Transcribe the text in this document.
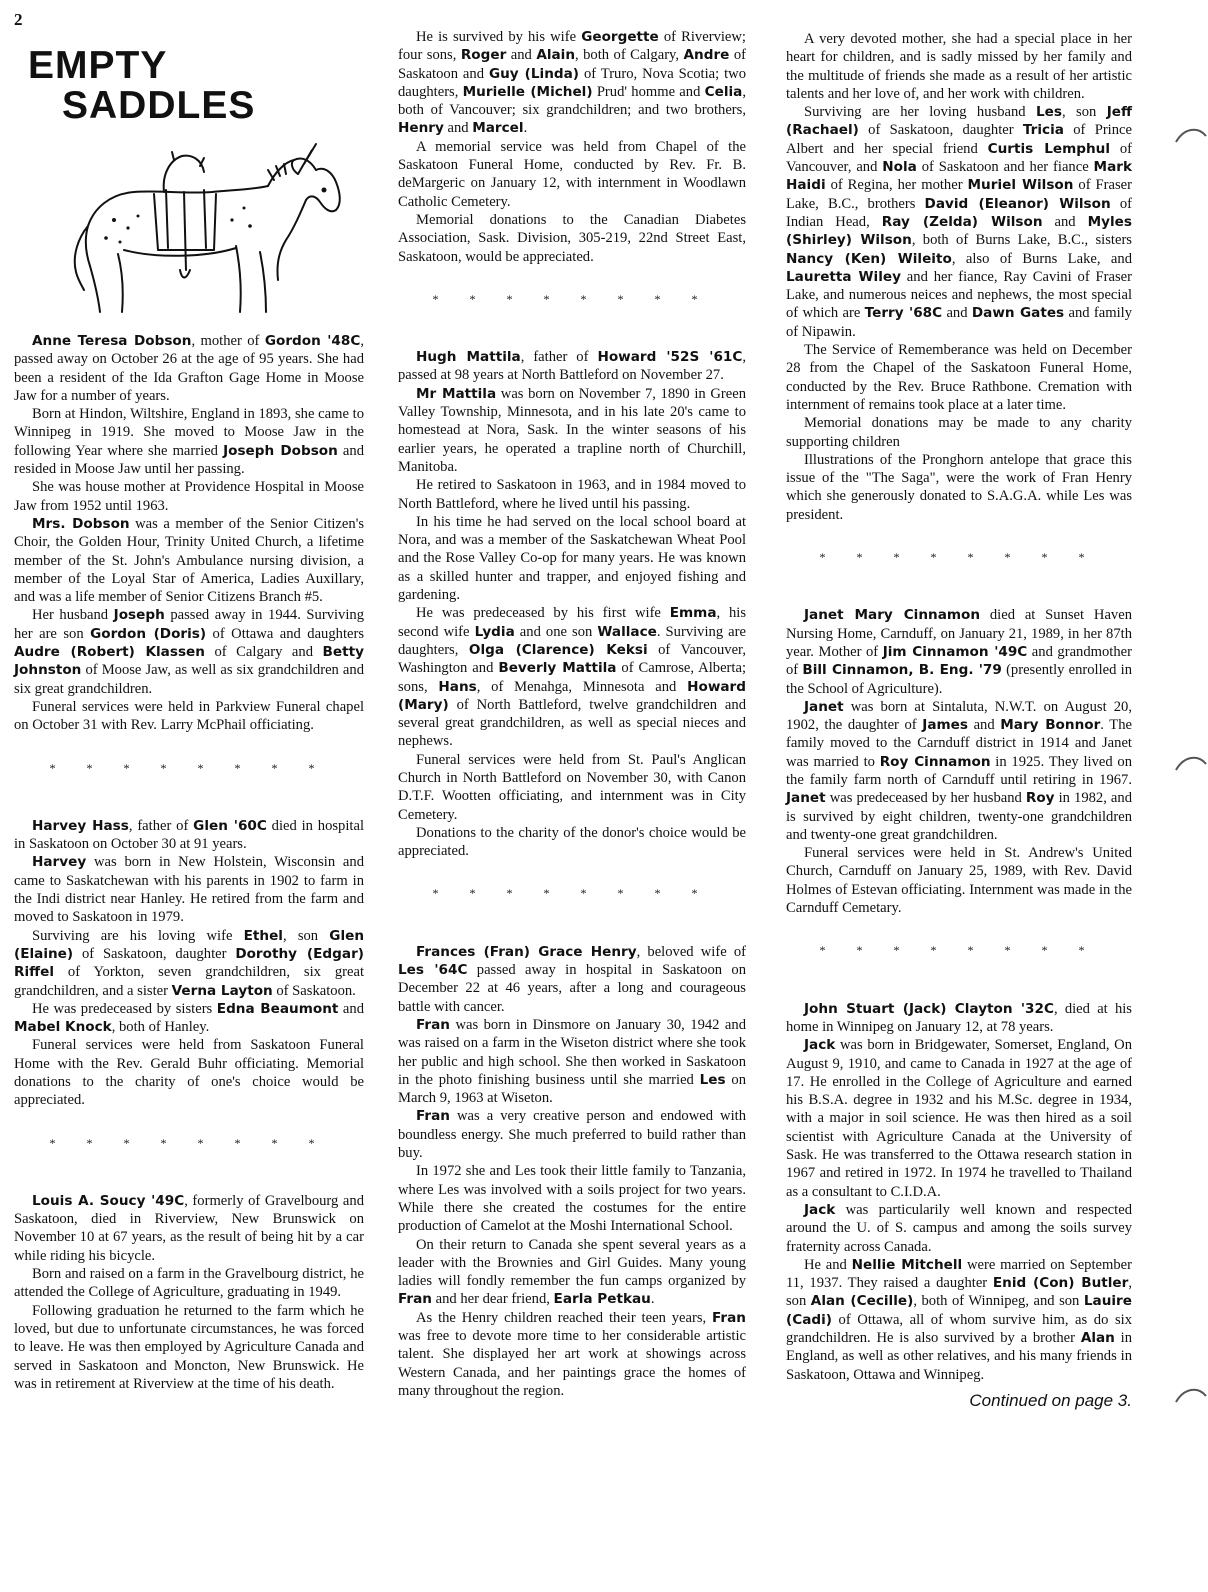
2
EMPTY
SADDLES

Anne Teresa Dobson, mother of Gordon '48C, passed away on October 26 at the age of 95 years. She had been a resident of the Ida Grafton Gage Home in Moose Jaw for a number of years.

Born at Hindon, Wiltshire, England in 1893, she came to Winnipeg in 1919. She moved to Moose Jaw in the following Year where she married Joseph Dobson and resided in Moose Jaw until her passing.

She was house mother at Providence Hospital in Moose Jaw from 1952 until 1963.

Mrs. Dobson was a member of the Senior Citizen's Choir, the Golden Hour, Trinity United Church, a lifetime member of the St. John's Ambulance nursing division, a member of the Loyal Star of America, Ladies Auxillary, and was a life member of Senior Citizens Branch #5.

Her husband Joseph passed away in 1944. Surviving her are son Gordon (Doris) of Ottawa and daughters Audre (Robert) Klassen of Calgary and Betty Johnston of Moose Jaw, as well as six grandchildren and six great grandchildren.

Funeral services were held in Parkview Funeral chapel on October 31 with Rev. Larry McPhail officiating.

* * * * * * * *

Harvey Hass, father of Glen '60C died in hospital in Saskatoon on October 30 at 91 years.

Harvey was born in New Holstein, Wisconsin and came to Saskatchewan with his parents in 1902 to farm in the Indi district near Hanley. He retired from the farm and moved to Saskatoon in 1979.

Surviving are his loving wife Ethel, son Glen (Elaine) of Saskatoon, daughter Dorothy (Edgar) Riffel of Yorkton, seven grandchildren, six great grandchildren, and a sister Verna Layton of Saskatoon.

He was predeceased by sisters Edna Beaumont and Mabel Knock, both of Hanley.

Funeral services were held from Saskatoon Funeral Home with the Rev. Gerald Buhr officiating. Memorial donations to the charity of one's choice would be appreciated.

* * * * * * * *

Louis A. Soucy '49C, formerly of Gravelbourg and Saskatoon, died in Riverview, New Brunswick on November 10 at 67 years, as the result of being hit by a car while riding his bicycle.

Born and raised on a farm in the Gravelbourg district, he attended the College of Agriculture, graduating in 1949.

Following graduation he returned to the farm which he loved, but due to unfortunate circumstances, he was forced to leave. He was then employed by Agriculture Canada and served in Saskatoon and Moncton, New Brunswick. He was in retirement at Riverview at the time of his death.

He is survived by his wife Georgette of Riverview; four sons, Roger and Alain, both of Calgary, Andre of Saskatoon and Guy (Linda) of Truro, Nova Scotia; two daughters, Murielle (Michel) Prud' homme and Celia, both of Vancouver; six grandchildren; and two brothers, Henry and Marcel.

A memorial service was held from Chapel of the Saskatoon Funeral Home, conducted by Rev. Fr. B. deMargeric on January 12, with internment in Woodlawn Catholic Cemetery.

Memorial donations to the Canadian Diabetes Association, Sask. Division, 305-219, 22nd Street East, Saskatoon, would be appreciated.

* * * * * * * *

Hugh Mattila, father of Howard '52S '61C, passed at 98 years at North Battleford on November 27.

Mr Mattila was born on November 7, 1890 in Green Valley Township, Minnesota, and in his late 20's came to homestead at Nora, Sask. In the winter seasons of his earlier years, he operated a trapline north of Churchill, Manitoba.

He retired to Saskatoon in 1963, and in 1984 moved to North Battleford, where he lived until his passing.

In his time he had served on the local school board at Nora, and was a member of the Saskatchewan Wheat Pool and the Rose Valley Co-op for many years. He was known as a skilled hunter and trapper, and enjoyed fishing and gardening.

He was predeceased by his first wife Emma, his second wife Lydia and one son Wallace. Surviving are daughters, Olga (Clarence) Keksi of Vancouver, Washington and Beverly Mattila of Camrose, Alberta; sons, Hans, of Menahga, Minnesota and Howard (Mary) of North Battleford, twelve grandchildren and several great grandchildren, as well as special nieces and nephews.

Funeral services were held from St. Paul's Anglican Church in North Battleford on November 30, with Canon D.T.F. Wootten officiating, and internment was in City Cemetery.

Donations to the charity of the donor's choice would be appreciated.

* * * * * * * *

Frances (Fran) Grace Henry, beloved wife of Les '64C passed away in hospital in Saskatoon on December 22 at 46 years, after a long and courageous battle with cancer.

Fran was born in Dinsmore on January 30, 1942 and was raised on a farm in the Wiseton district where she took her public and high school. She then worked in Saskatoon in the photo finishing business until she married Les on March 9, 1963 at Wiseton.

Fran was a very creative person and endowed with boundless energy. She much preferred to build rather than buy.

In 1972 she and Les took their little family to Tanzania, where Les was involved with a soils project for two years. While there she created the costumes for the entire production of Camelot at the Moshi International School.

On their return to Canada she spent several years as a leader with the Brownies and Girl Guides. Many young ladies will fondly remember the fun camps organized by Fran and her dear friend, Earla Petkau.

As the Henry children reached their teen years, Fran was free to devote more time to her considerable artistic talent. She displayed her art work at showings across Western Canada, and her paintings grace the homes of many throughout the region.

A very devoted mother, she had a special place in her heart for children, and is sadly missed by her family and the multitude of friends she made as a result of her artistic talents and her love of, and her work with children.

Surviving are her loving husband Les, son Jeff (Rachael) of Saskatoon, daughter Tricia of Prince Albert and her special friend Curtis Lemphul of Vancouver, and Nola of Saskatoon and her fiance Mark Haidi of Regina, her mother Muriel Wilson of Fraser Lake, B.C., brothers David (Eleanor) Wilson of Indian Head, Ray (Zelda) Wilson and Myles (Shirley) Wilson, both of Burns Lake, B.C., sisters Nancy (Ken) Wileito, also of Burns Lake, and Lauretta Wiley and her fiance, Ray Cavini of Fraser Lake, and numerous neices and nephews, the most special of which are Terry '68C and Dawn Gates and family of Nipawin.

The Service of Rememberance was held on December 28 from the Chapel of the Saskatoon Funeral Home, conducted by the Rev. Bruce Rathbone. Cremation with internment of remains took place at a later time.

Memorial donations may be made to any charity supporting children

Illustrations of the Pronghorn antelope that grace this issue of the "The Saga", were the work of Fran Henry which she generously donated to S.A.G.A. while Les was president.

* * * * * * * *

Janet Mary Cinnamon died at Sunset Haven Nursing Home, Carnduff, on January 21, 1989, in her 87th year. Mother of Jim Cinnamon '49C and grandmother of Bill Cinnamon, B. Eng. '79 (presently enrolled in the School of Agriculture).

Janet was born at Sintaluta, N.W.T. on August 20, 1902, the daughter of James and Mary Bonnor. The family moved to the Carnduff district in 1914 and Janet was married to Roy Cinnamon in 1925. They lived on the family farm north of Carnduff until retiring in 1967. Janet was predeceased by her husband Roy in 1982, and is survived by eight children, twenty-one grandchildren and twenty-one great grandchildren.

Funeral services were held in St. Andrew's United Church, Carnduff on January 25, 1989, with Rev. David Holmes of Estevan officiating. Internment was made in the Carnduff Cemetary.

* * * * * * * *

John Stuart (Jack) Clayton '32C, died at his home in Winnipeg on January 12, at 78 years.

Jack was born in Bridgewater, Somerset, England, On August 9, 1910, and came to Canada in 1927 at the age of 17. He enrolled in the College of Agriculture and earned his B.S.A. degree in 1932 and his M.Sc. degree in 1934, with a major in soil science. He was then hired as a soil scientist with Agriculture Canada at the University of Sask. He was transferred to the Ottawa research station in 1967 and retired in 1972. In 1974 he travelled to Thailand as a consultant to C.I.D.A.

Jack was particularily well known and respected around the U. of S. campus and among the soils survey fraternity across Canada.

He and Nellie Mitchell were married on September 11, 1937. They raised a daughter Enid (Con) Butler, son Alan (Cecille), both of Winnipeg, and son Lauire (Cadi) of Ottawa, all of whom survive him, as do six grandchildren. He is also survived by a brother Alan in England, as well as other relatives, and his many friends in Saskatoon, Ottawa and Winnipeg.

Continued on page 3.
